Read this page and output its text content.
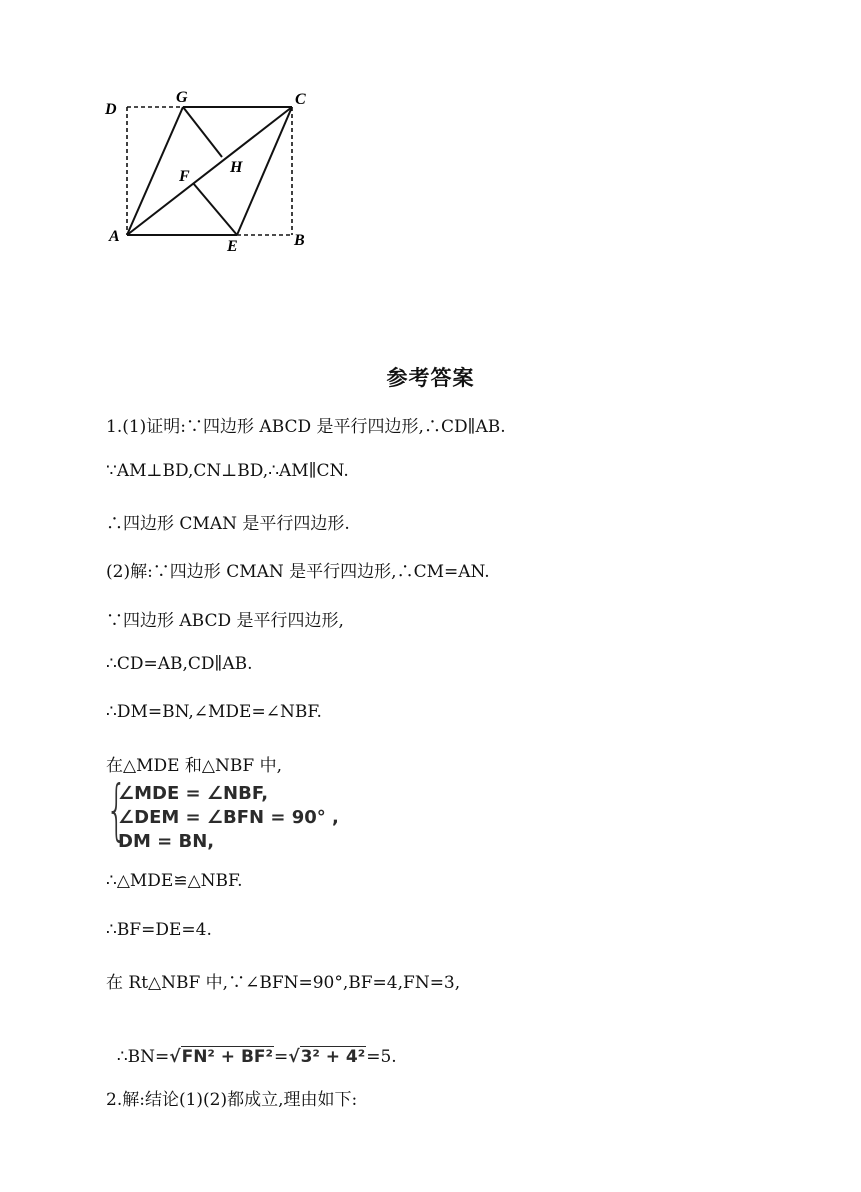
D
G	C
F
H
A
E	B
参考答案
1.(1)证明:∵四边形 ABCD 是平行四边形,∴CD∥AB.
∵AM⊥BD,CN⊥BD,∴AM∥CN.
∴四边形 CMAN 是平行四边形.
(2)解:∵四边形 CMAN 是平行四边形,∴CM=AN.
∵四边形 ABCD 是平行四边形,
∴CD=AB,CD∥AB.
∴DM=BN,∠MDE=∠NBF.
在△MDE 和△NBF 中,
{
∠MDE = ∠NBF,
∠DEM = ∠BFN = 90° ,
DM = BN,
∴△MDE≌△NBF.
∴BF=DE=4.
在 Rt△NBF 中,∵∠BFN=90°,BF=4,FN=3,

∴BN=√FN² + BF²=√3² + 4²=5.

2.解:结论(1)(2)都成立,理由如下:
